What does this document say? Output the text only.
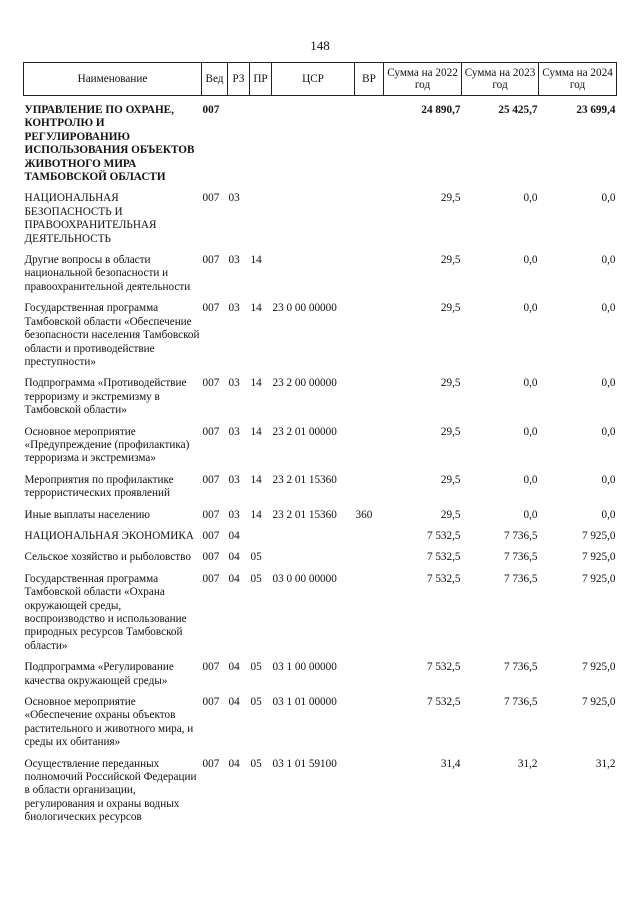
148
Наименование	Вед	РЗ	ПР	ЦСР	ВР	Сумма на 2022 год	Сумма на 2023 год	Сумма на 2024 год

УПРАВЛЕНИЕ ПО ОХРАНЕ, КОНТРОЛЮ И РЕГУЛИРОВАНИЮ ИСПОЛЬЗОВАНИЯ ОБЪЕКТОВ ЖИВОТНОГО МИРА ТАМБОВСКОЙ ОБЛАСТИ	007					24 890,7	25 425,7	23 699,4

НАЦИОНАЛЬНАЯ БЕЗОПАСНОСТЬ И ПРАВООХРАНИТЕЛЬНАЯ ДЕЯТЕЛЬНОСТЬ	007	03				29,5	0,0	0,0

Другие вопросы в области национальной безопасности и правоохранительной деятельности	007	03	14			29,5	0,0	0,0

Государственная программа Тамбовской области «Обеспечение безопасности населения Тамбовской области и противодействие преступности»	007	03	14	23 0 00 00000		29,5	0,0	0,0

Подпрограмма «Противодействие терроризму и экстремизму в Тамбовской области»	007	03	14	23 2 00 00000		29,5	0,0	0,0

Основное мероприятие «Предупреждение (профилактика) терроризма и экстремизма»	007	03	14	23 2 01 00000		29,5	0,0	0,0

Мероприятия по профилактике террористических проявлений	007	03	14	23 2 01 15360		29,5	0,0	0,0

Иные выплаты населению	007	03	14	23 2 01 15360	360	29,5	0,0	0,0

НАЦИОНАЛЬНАЯ ЭКОНОМИКА	007	04				7 532,5	7 736,5	7 925,0

Сельское хозяйство и рыболовство	007	04	05			7 532,5	7 736,5	7 925,0

Государственная программа Тамбовской области «Охрана окружающей среды, воспроизводство и использование природных ресурсов Тамбовской области»	007	04	05	03 0 00 00000		7 532,5	7 736,5	7 925,0

Подпрограмма «Регулирование качества окружающей среды»	007	04	05	03 1 00 00000		7 532,5	7 736,5	7 925,0

Основное мероприятие «Обеспечение охраны объектов растительного и животного мира, и среды их обитания»	007	04	05	03 1 01 00000		7 532,5	7 736,5	7 925,0

Осуществление переданных полномочий Российской Федерации в области организации, регулирования и охраны водных биологических ресурсов	007	04	05	03 1 01 59100		31,4	31,2	31,2
